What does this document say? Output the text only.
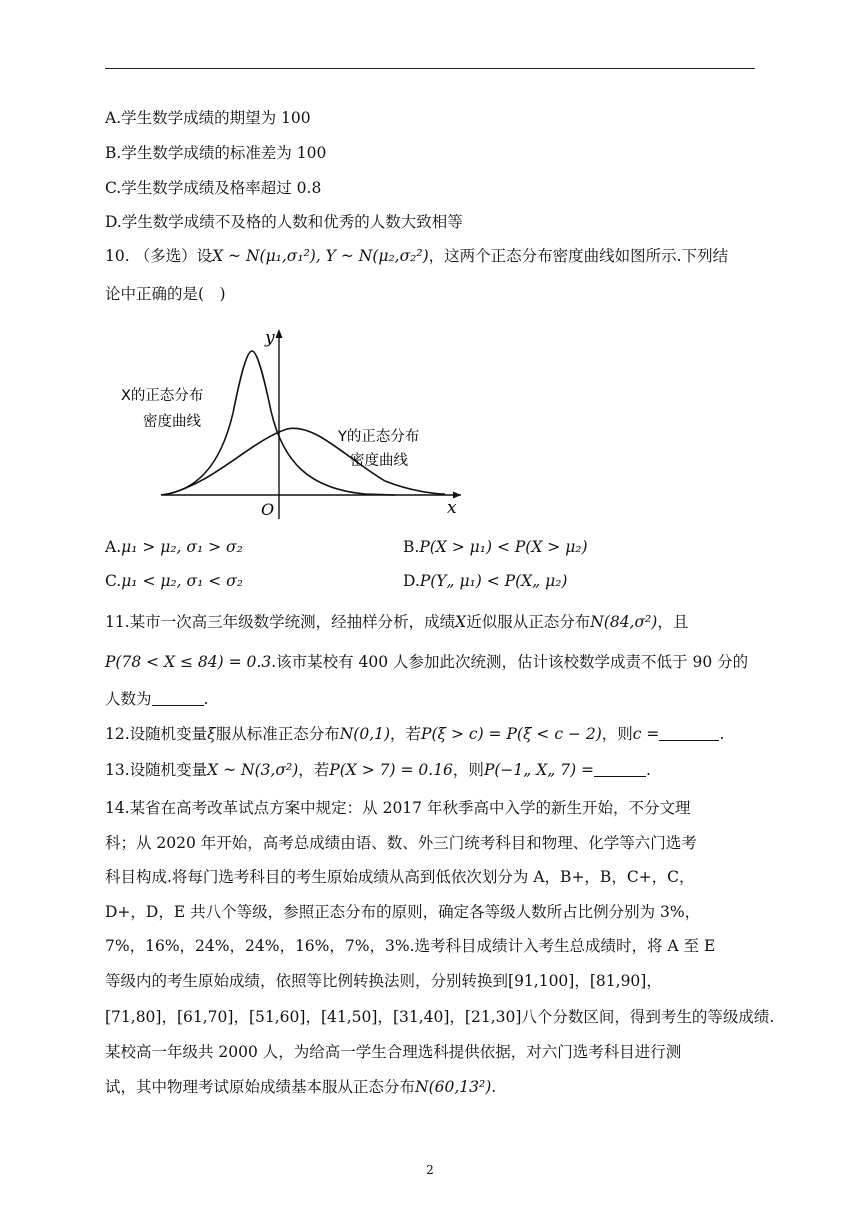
A.学生数学成绩的期望为 100
B.学生数学成绩的标准差为 100
C.学生数学成绩及格率超过 0.8
D.学生数学成绩不及格的人数和优秀的人数大致相等
10. （多选）设X ~ N(μ₁,σ₁²), Y ~ N(μ₂,σ₂²)，这两个正态分布密度曲线如图所示.下列结
论中正确的是(　)
y
x
O
X的正态分布
密度曲线
Y的正态分布
密度曲线
A.μ₁ > μ₂, σ₁ > σ₂	B.P(X > μ₁) < P(X > μ₂)
C.μ₁ < μ₂, σ₁ < σ₂	D.P(Y„ μ₁) < P(X„ μ₂)
11.某市一次高三年级数学统测，经抽样分析，成绩X近似服从正态分布N(84,σ²)，且
P(78 < X ≤ 84) = 0.3.该市某校有 400 人参加此次统测，估计该校数学成责不低于 90 分的
人数为	.
12.设随机变量ξ服从标准正态分布N(0,1)，若P(ξ > c) = P(ξ < c − 2)，则c =	.
13.设随机变量X ~ N(3,σ²)，若P(X > 7) = 0.16，则P(−1„ X„ 7) =	.
14.某省在高考改革试点方案中规定：从 2017 年秋季高中入学的新生开始，不分文理
科；从 2020 年开始，高考总成绩由语、数、外三门统考科目和物理、化学等六门选考
科目构成.将每门选考科目的考生原始成绩从高到低依次划分为 A，B+，B，C+，C，
D+，D，E 共八个等级，参照正态分布的原则，确定各等级人数所占比例分别为 3%，
7%，16%，24%，24%，16%，7%，3%.选考科目成绩计入考生总成绩时，将 A 至 E
等级内的考生原始成绩，依照等比例转换法则，分别转换到[91,100]，[81,90]，
[71,80]，[61,70]，[51,60]，[41,50]，[31,40]，[21,30]八个分数区间，得到考生的等级成绩.
某校高一年级共 2000 人，为给高一学生合理选科提供依据，对六门选考科目进行测
试，其中物理考试原始成绩基本服从正态分布N(60,13²).
2
